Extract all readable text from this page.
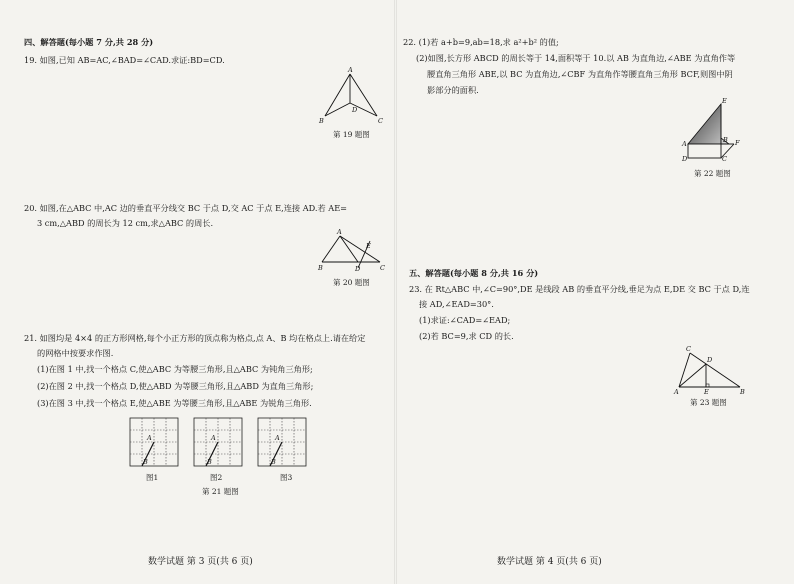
四、解答题(每小题 7 分,共 28 分)
19. 如图,已知 AB=AC,∠BAD=∠CAD.求证:BD=CD.
A
D
B	C
第 19 题图
20. 如图,在△ABC 中,AC 边的垂直平分线交 BC 于点 D,交 AC 于点 E,连接 AD.若 AE=
3 cm,△ABD 的周长为 12 cm,求△ABC 的周长.
A
E
B	D	C
第 20 题图
21. 如图均是 4×4 的正方形网格,每个小正方形的顶点称为格点,点 A、B 均在格点上.请在给定
的网格中按要求作图.
(1)在图 1 中,找一个格点 C,使△ABC 为等腰三角形,且△ABC 为钝角三角形;
(2)在图 2 中,找一个格点 D,使△ABD 为等腰三角形,且△ABD 为直角三角形;
(3)在图 3 中,找一个格点 E,使△ABE 为等腰三角形,且△ABE 为锐角三角形.
A
B
图1
A
B
图2
A
B
图3
第 21 题图
数学试题 第 3 页(共 6 页)
22. (1)若 a+b=9,ab=18,求 a²+b² 的值;
(2)如图,长方形 ABCD 的周长等于 14,面积等于 10.以 AB 为直角边,∠ABE 为直角作等
腰直角三角形 ABE,以 BC 为直角边,∠CBF 为直角作等腰直角三角形 BCF,则图中阴
影部分的面积.
E
B F
A
D	C
第 22 题图
五、解答题(每小题 8 分,共 16 分)
23. 在 Rt△ABC 中,∠C=90°,DE 是线段 AB 的垂直平分线,垂足为点 E,DE 交 BC 于点 D,连
接 AD,∠EAD=30°.
(1)求证:∠CAD=∠EAD;
(2)若 BC=9,求 CD 的长.
C
D
A	E	B
第 23 题图
数学试题 第 4 页(共 6 页)
